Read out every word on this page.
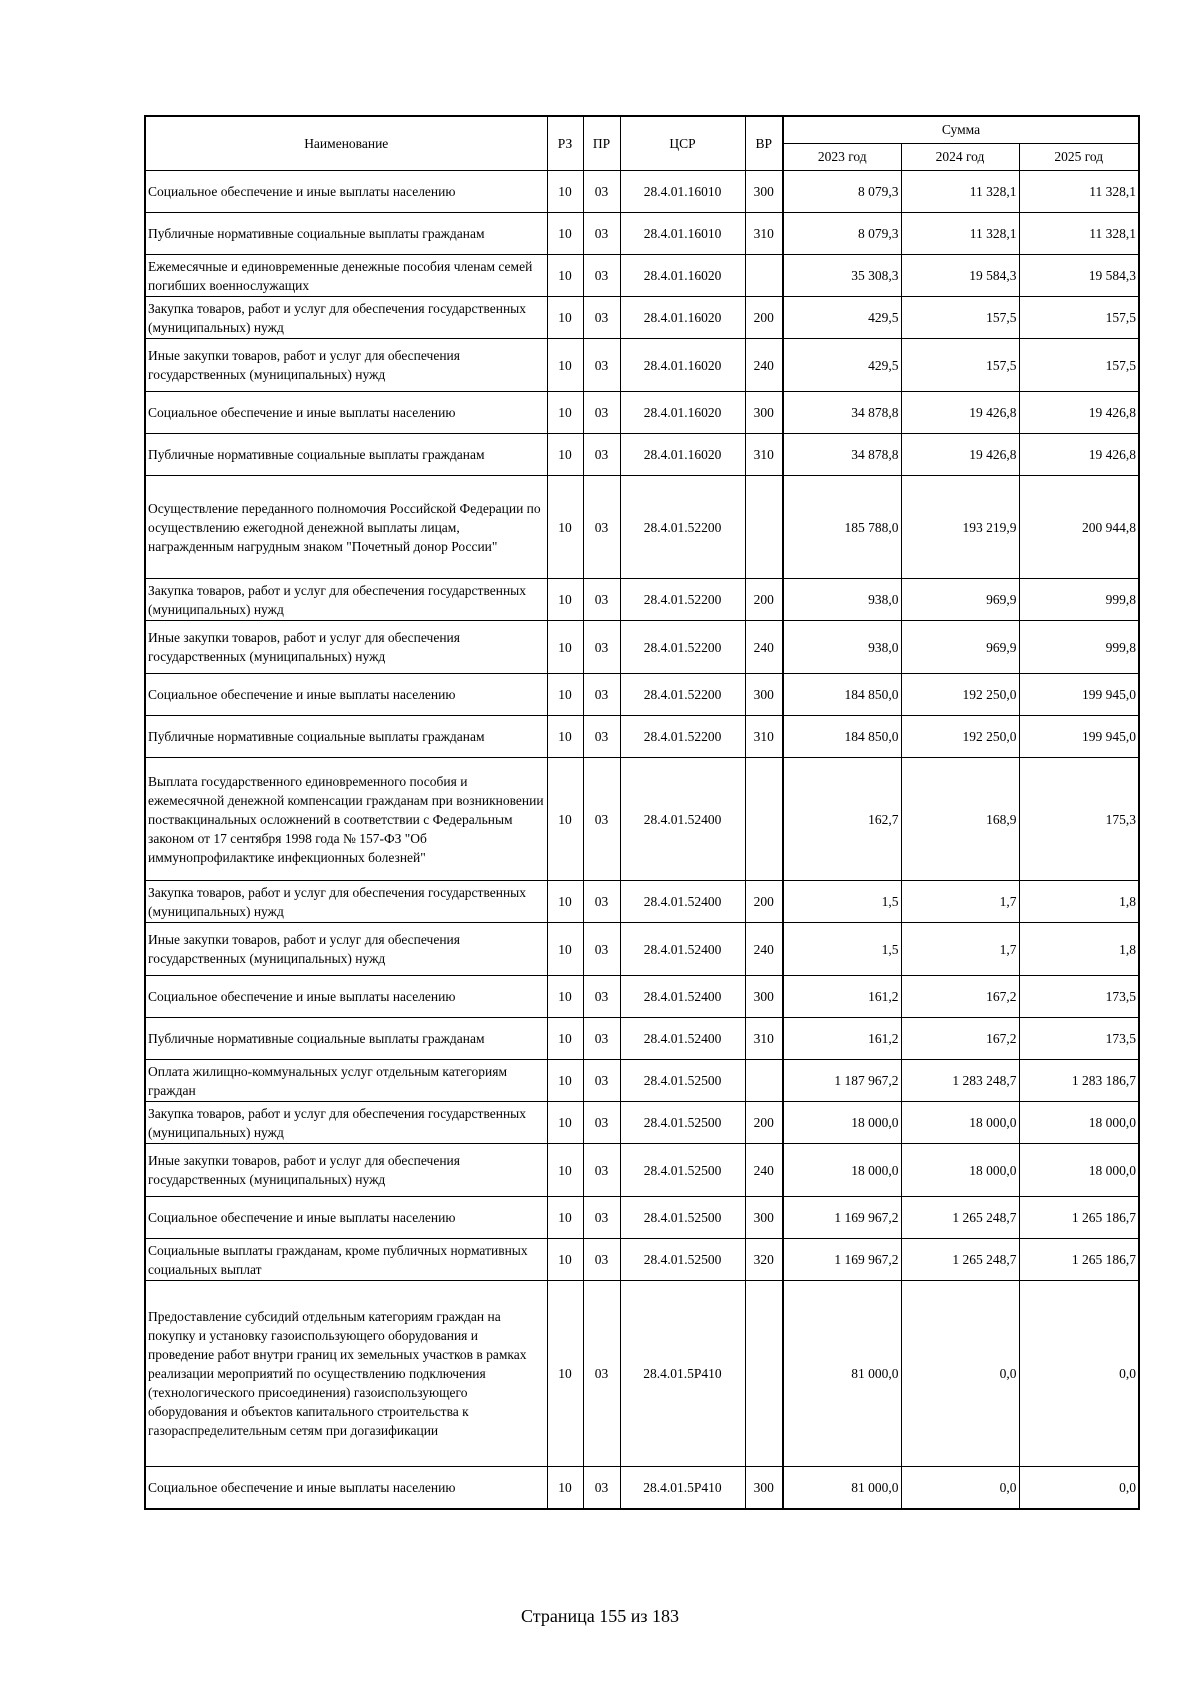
Наименование	РЗ	ПР	ЦСР	ВР	Сумма		
					2023 год	2024 год	2025 год
Социальное обеспечение и иные выплаты населению	10	03	28.4.01.16010	300	8 079,3	11 328,1	11 328,1
Публичные нормативные социальные выплаты гражданам	10	03	28.4.01.16010	310	8 079,3	11 328,1	11 328,1
Ежемесячные и единовременные денежные пособия членам семей погибших военнослужащих	10	03	28.4.01.16020		35 308,3	19 584,3	19 584,3
Закупка товаров, работ и услуг для обеспечения государственных (муниципальных) нужд	10	03	28.4.01.16020	200	429,5	157,5	157,5
Иные закупки товаров, работ и услуг для обеспечения государственных (муниципальных) нужд	10	03	28.4.01.16020	240	429,5	157,5	157,5
Социальное обеспечение и иные выплаты населению	10	03	28.4.01.16020	300	34 878,8	19 426,8	19 426,8
Публичные нормативные социальные выплаты гражданам	10	03	28.4.01.16020	310	34 878,8	19 426,8	19 426,8
Осуществление переданного полномочия Российской Федерации по осуществлению ежегодной денежной выплаты лицам, награжденным нагрудным знаком "Почетный донор России"	10	03	28.4.01.52200		185 788,0	193 219,9	200 944,8
Закупка товаров, работ и услуг для обеспечения государственных (муниципальных) нужд	10	03	28.4.01.52200	200	938,0	969,9	999,8
Иные закупки товаров, работ и услуг для обеспечения государственных (муниципальных) нужд	10	03	28.4.01.52200	240	938,0	969,9	999,8
Социальное обеспечение и иные выплаты населению	10	03	28.4.01.52200	300	184 850,0	192 250,0	199 945,0
Публичные нормативные социальные выплаты гражданам	10	03	28.4.01.52200	310	184 850,0	192 250,0	199 945,0
Выплата государственного единовременного пособия и ежемесячной денежной компенсации гражданам при возникновении поствакцинальных осложнений в соответствии с Федеральным законом от 17 сентября 1998 года № 157-ФЗ "Об иммунопрофилактике инфекционных болезней"	10	03	28.4.01.52400		162,7	168,9	175,3
Закупка товаров, работ и услуг для обеспечения государственных (муниципальных) нужд	10	03	28.4.01.52400	200	1,5	1,7	1,8
Иные закупки товаров, работ и услуг для обеспечения государственных (муниципальных) нужд	10	03	28.4.01.52400	240	1,5	1,7	1,8
Социальное обеспечение и иные выплаты населению	10	03	28.4.01.52400	300	161,2	167,2	173,5
Публичные нормативные социальные выплаты гражданам	10	03	28.4.01.52400	310	161,2	167,2	173,5
Оплата жилищно-коммунальных услуг отдельным категориям граждан	10	03	28.4.01.52500		1 187 967,2	1 283 248,7	1 283 186,7
Закупка товаров, работ и услуг для обеспечения государственных (муниципальных) нужд	10	03	28.4.01.52500	200	18 000,0	18 000,0	18 000,0
Иные закупки товаров, работ и услуг для обеспечения государственных (муниципальных) нужд	10	03	28.4.01.52500	240	18 000,0	18 000,0	18 000,0
Социальное обеспечение и иные выплаты населению	10	03	28.4.01.52500	300	1 169 967,2	1 265 248,7	1 265 186,7
Социальные выплаты гражданам, кроме публичных нормативных социальных выплат	10	03	28.4.01.52500	320	1 169 967,2	1 265 248,7	1 265 186,7
Предоставление субсидий отдельным категориям граждан на покупку и установку газоиспользующего оборудования и проведение работ внутри границ их земельных участков в рамках реализации мероприятий по осуществлению подключения (технологического присоединения) газоиспользующего оборудования и объектов капитального строительства к газораспределительным сетям при догазификации	10	03	28.4.01.5Р410		81 000,0	0,0	0,0
Социальное обеспечение и иные выплаты населению	10	03	28.4.01.5Р410	300	81 000,0	0,0	0,0
Страница 155 из 183
